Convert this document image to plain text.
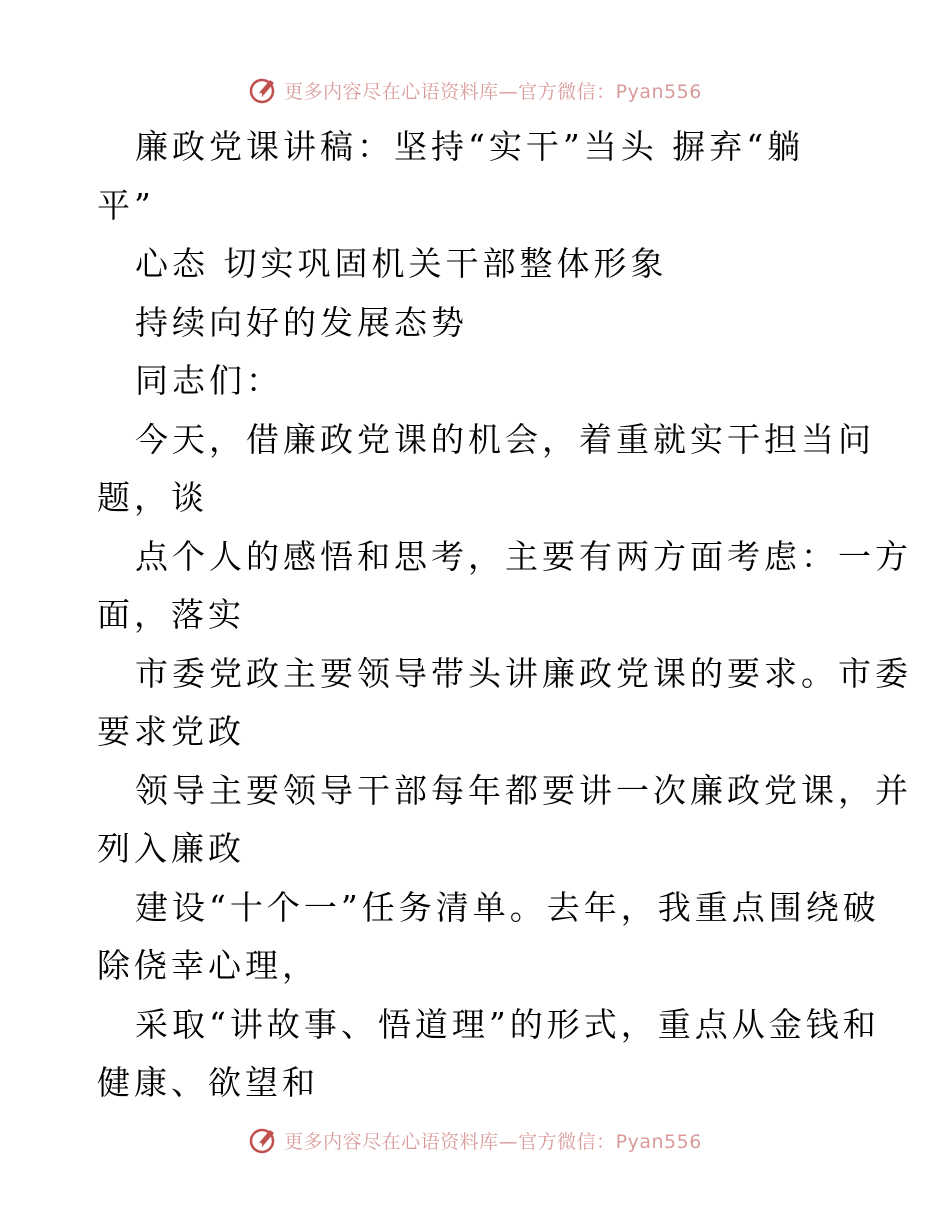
更多内容尽在心语资料库—官方微信：Pyan556
廉政党课讲稿：坚持“实干”当头 摒弃“躺
平”
心态 切实巩固机关干部整体形象
持续向好的发展态势
同志们：
今天，借廉政党课的机会，着重就实干担当问
题，谈
点个人的感悟和思考，主要有两方面考虑：一方
面，落实
市委党政主要领导带头讲廉政党课的要求。市委
要求党政
领导主要领导干部每年都要讲一次廉政党课，并
列入廉政
建设“十个一”任务清单。去年，我重点围绕破
除侥幸心理，
采取“讲故事、悟道理”的形式，重点从金钱和
健康、欲望和
更多内容尽在心语资料库—官方微信：Pyan556
